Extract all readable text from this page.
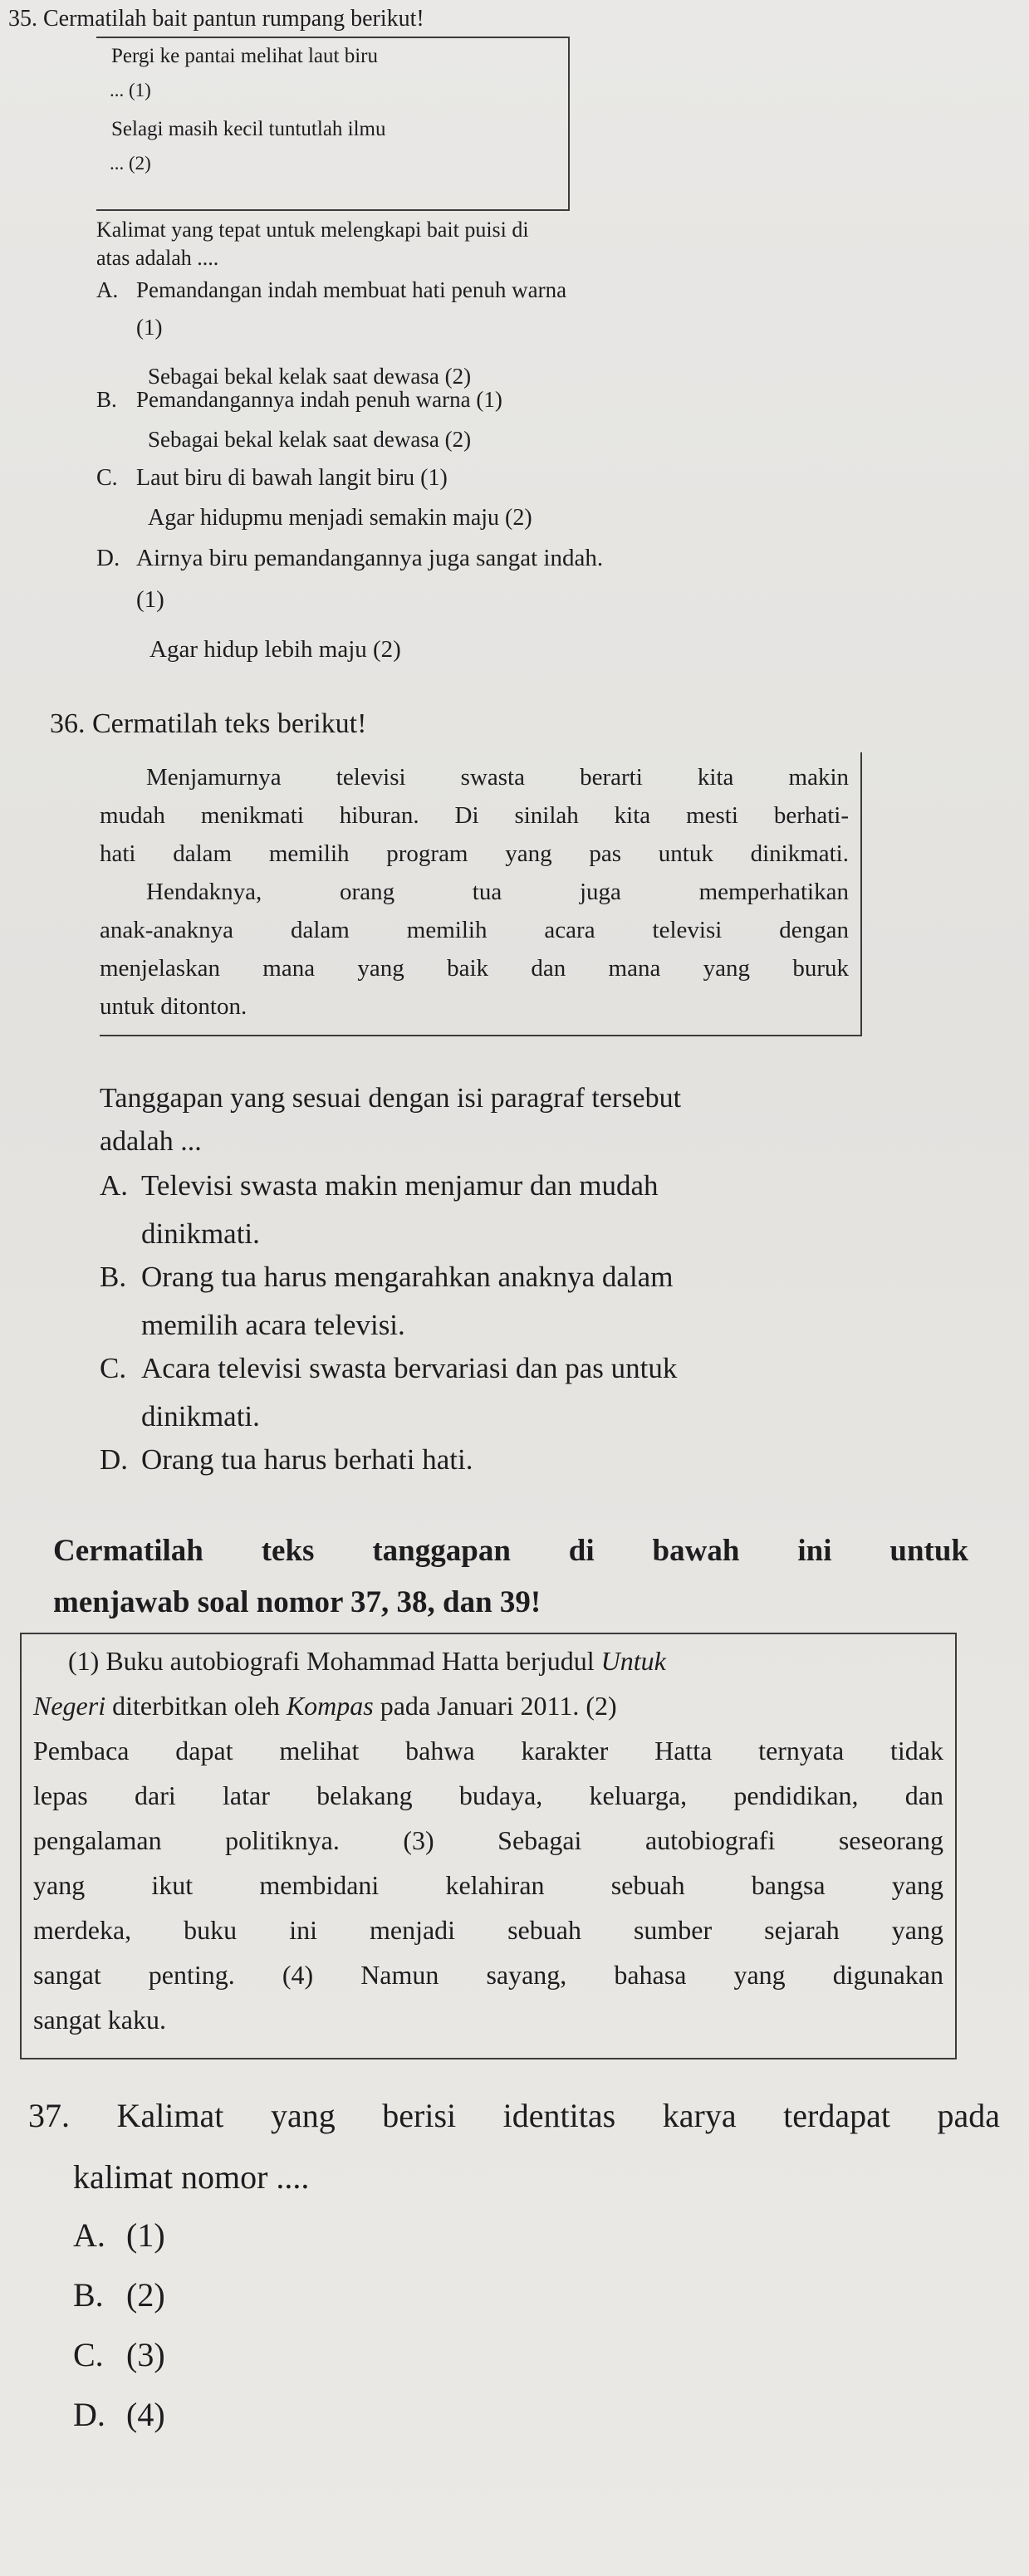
35. Cermatilah bait pantun rumpang berikut!
Pergi ke pantai melihat laut biru
... (1)
Selagi masih kecil tuntutlah ilmu
... (2)
Kalimat yang tepat untuk melengkapi bait puisi di
atas adalah ....
A. Pemandangan indah membuat hati penuh warna
(1)
Sebagai bekal kelak saat dewasa (2)
B. Pemandangannya indah penuh warna (1)
Sebagai bekal kelak saat dewasa (2)
C. Laut biru di bawah langit biru (1)
Agar hidupmu menjadi semakin maju (2)
D. Airnya biru pemandangannya juga sangat indah.
(1)
Agar hidup lebih maju (2)
36. Cermatilah teks berikut!
Menjamurnya televisi swasta berarti kita makin
mudah menikmati hiburan. Di sinilah kita mesti berhati-
hati dalam memilih program yang pas untuk dinikmati.
Hendaknya, orang tua juga memperhatikan
anak-anaknya dalam memilih acara televisi dengan
menjelaskan mana yang baik dan mana yang buruk
untuk ditonton.
Tanggapan yang sesuai dengan isi paragraf tersebut
adalah ...
A. Televisi swasta makin menjamur dan mudah
dinikmati.
B. Orang tua harus mengarahkan anaknya dalam
memilih acara televisi.
C. Acara televisi swasta bervariasi dan pas untuk
dinikmati.
D. Orang tua harus berhati hati.
Cermatilah teks tanggapan di bawah ini untuk
menjawab soal nomor 37, 38, dan 39!
(1) Buku autobiografi Mohammad Hatta berjudul Untuk
Negeri diterbitkan oleh Kompas pada Januari 2011. (2)
Pembaca dapat melihat bahwa karakter Hatta ternyata tidak
lepas dari latar belakang budaya, keluarga, pendidikan, dan
pengalaman politiknya. (3) Sebagai autobiografi seseorang
yang ikut membidani kelahiran sebuah bangsa yang
merdeka, buku ini menjadi sebuah sumber sejarah yang
sangat penting. (4) Namun sayang, bahasa yang digunakan
sangat kaku.
37. Kalimat yang berisi identitas karya terdapat pada
kalimat nomor ....
A. (1)
B. (2)
C. (3)
D. (4)
